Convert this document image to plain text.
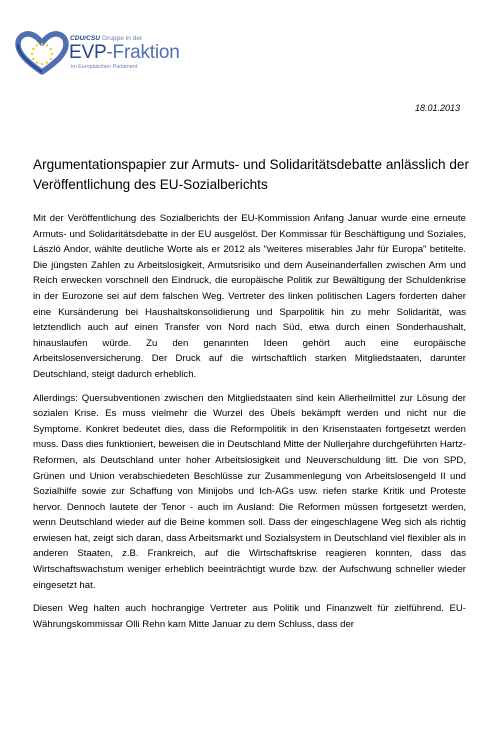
CDU/CSU Gruppe in der
EVP-Fraktion
im Europäischen Parlament
18.01.2013
Argumentationspapier zur Armuts- und Solidaritätsdebatte anlässlich der Veröffentlichung des EU-Sozialberichts

Mit der Veröffentlichung des Sozialberichts der EU-Kommission Anfang Januar wurde eine erneute Armuts- und Solidaritätsdebatte in der EU ausgelöst. Der Kommissar für Beschäftigung und Soziales, László Andor, wählte deutliche Worte als er 2012 als "weiteres miserables Jahr für Europa" betitelte. Die jüngsten Zahlen zu Arbeitslosigkeit, Armutsrisiko und dem Auseinanderfallen zwischen Arm und Reich erwecken vorschnell den Eindruck, die europäische Politik zur Bewältigung der Schuldenkrise in der Eurozone sei auf dem falschen Weg. Vertreter des linken politischen Lagers forderten daher eine Kursänderung bei Haushaltskonsolidierung und Sparpolitik hin zu mehr Solidarität, was letztendlich auch auf einen Transfer von Nord nach Süd, etwa durch einen Sonderhaushalt, hinauslaufen würde. Zu den genannten Ideen gehört auch eine europäische Arbeitslosenversicherung. Der Druck auf die wirtschaftlich starken Mitgliedstaaten, darunter Deutschland, steigt dadurch erheblich.

Allerdings: Quersubventionen zwischen den Mitgliedstaaten sind kein Allerheilmittel zur Lösung der sozialen Krise. Es muss vielmehr die Wurzel des Übels bekämpft werden und nicht nur die Symptome. Konkret bedeutet dies, dass die Reformpolitik in den Krisenstaaten fortgesetzt werden muss. Dass dies funktioniert, beweisen die in Deutschland Mitte der Nullerjahre durchgeführten Hartz-Reformen, als Deutschland unter hoher Arbeitslosigkeit und Neuverschuldung litt. Die von SPD, Grünen und Union verabschiedeten Beschlüsse zur Zusammenlegung von Arbeitslosengeld II und Sozialhilfe sowie zur Schaffung von Minijobs und Ich-AGs usw. riefen starke Kritik und Proteste hervor. Dennoch lautete der Tenor - auch im Ausland: Die Reformen müssen fortgesetzt werden, wenn Deutschland wieder auf die Beine kommen soll. Dass der eingeschlagene Weg sich als richtig erwiesen hat, zeigt sich daran, dass Arbeitsmarkt und Sozialsystem in Deutschland viel flexibler als in anderen Staaten, z.B. Frankreich, auf die Wirtschaftskrise reagieren konnten, dass das Wirtschaftswachstum weniger erheblich beeinträchtigt wurde bzw. der Aufschwung schneller wieder eingesetzt hat.

Diesen Weg halten auch hochrangige Vertreter aus Politik und Finanzwelt für zielführend. EU-Währungskommissar Olli Rehn kam Mitte Januar zu dem Schluss, dass der
